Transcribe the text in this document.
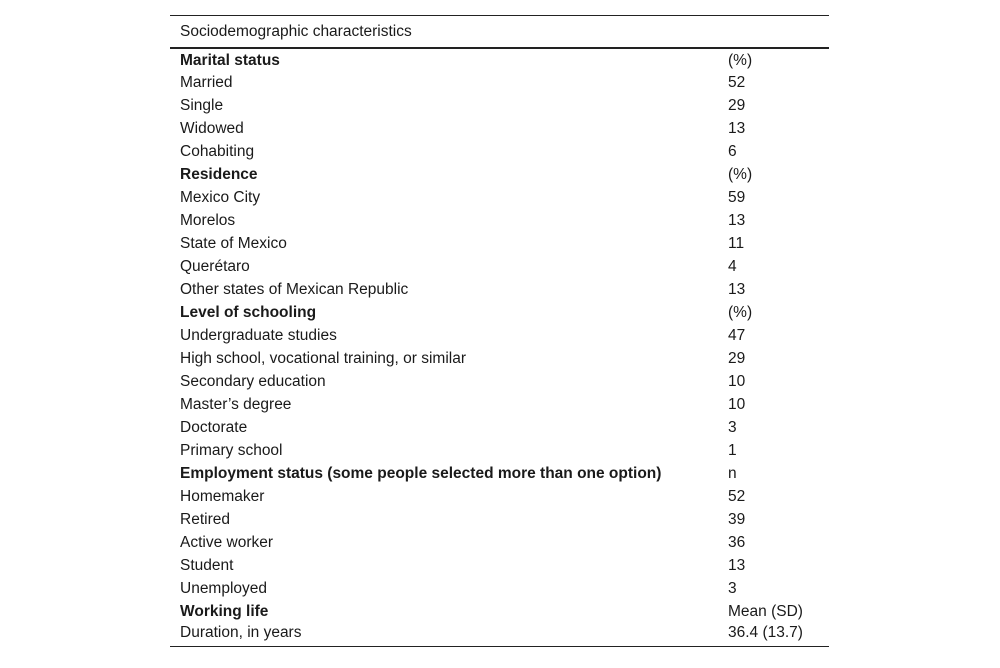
Sociodemographic characteristics	
Marital status	(%)
Married	52
Single	29
Widowed	13
Cohabiting	6
Residence	(%)
Mexico City	59
Morelos	13
State of Mexico	11
Querétaro	4
Other states of Mexican Republic	13
Level of schooling	(%)
Undergraduate studies	47
High school, vocational training, or similar	29
Secondary education	10
Master’s degree	10
Doctorate	3
Primary school	1
Employment status (some people selected more than one option)	n
Homemaker	52
Retired	39
Active worker	36
Student	13
Unemployed	3
Working life	Mean (SD)
Duration, in years	36.4 (13.7)
